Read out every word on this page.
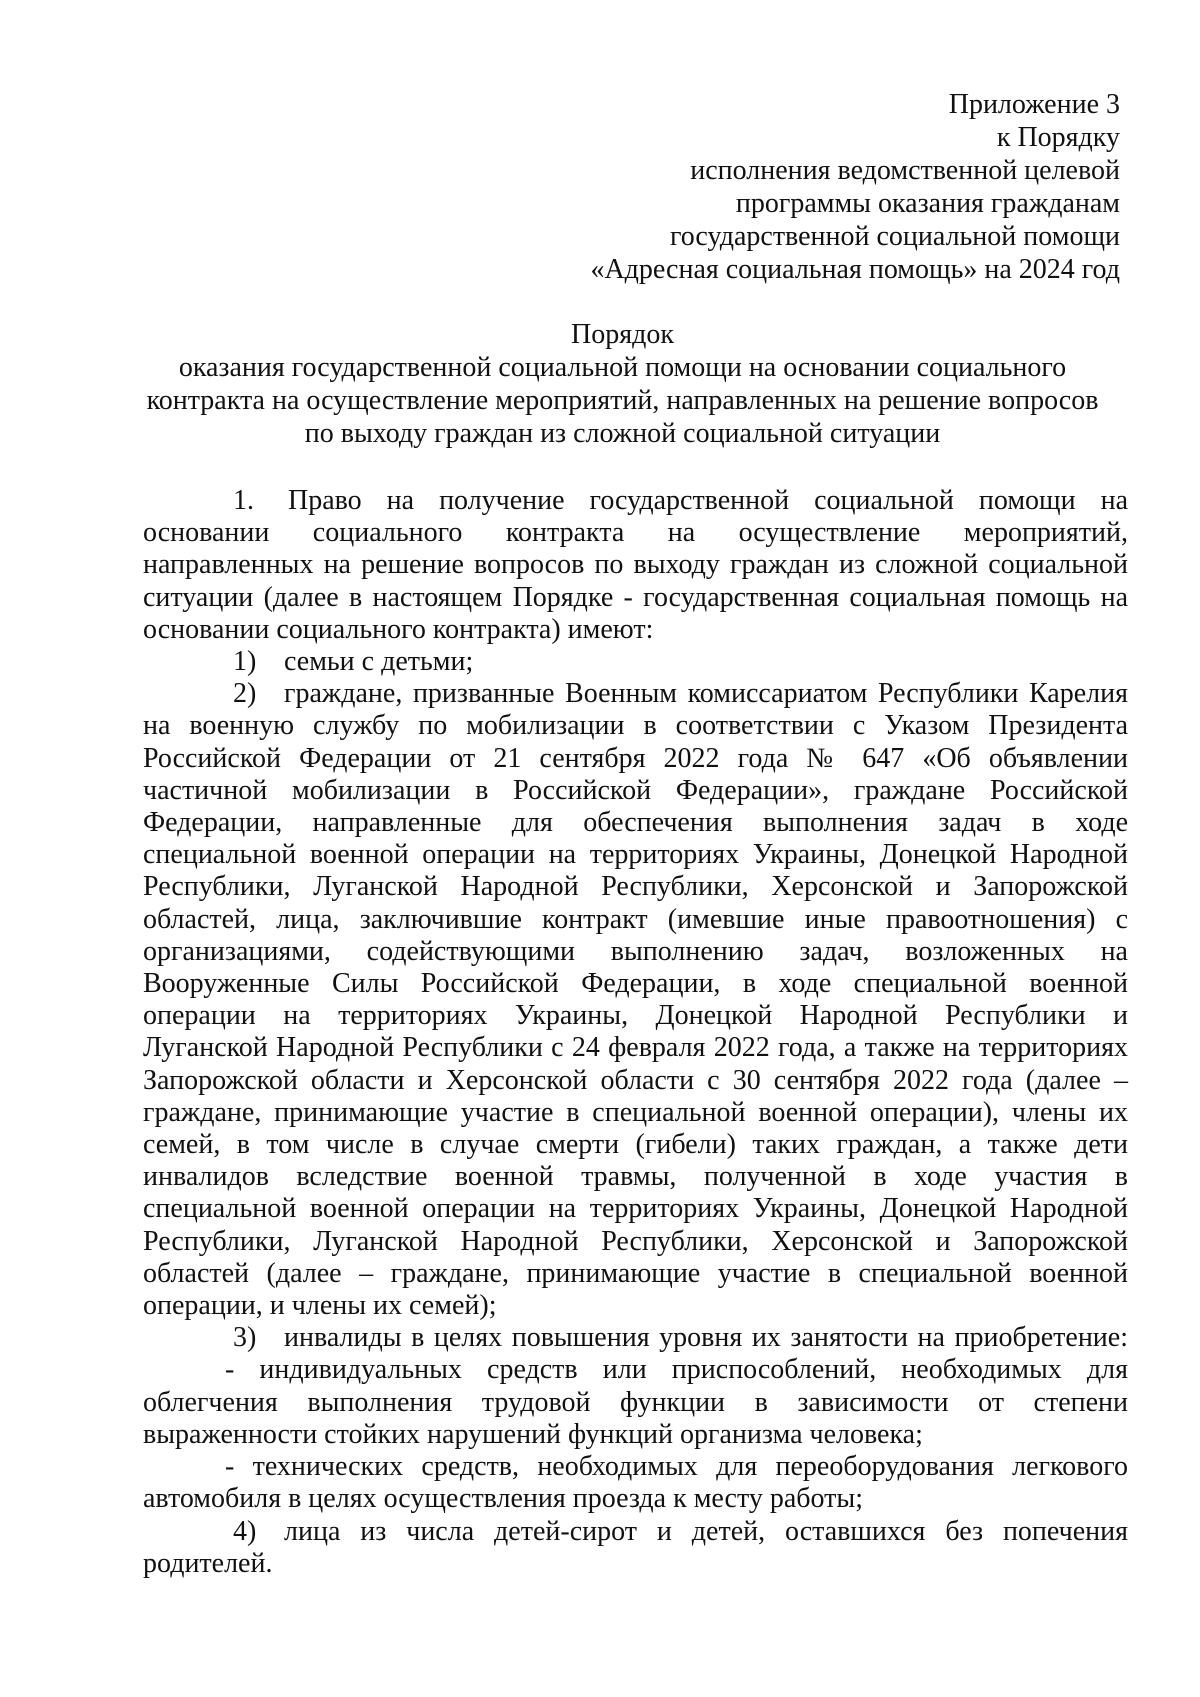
Приложение 3
к Порядку
исполнения ведомственной целевой
программы оказания гражданам
государственной социальной помощи
«Адресная социальная помощь» на 2024 год
Порядок
оказания государственной социальной помощи на основании социального
контракта на осуществление мероприятий, направленных на решение вопросов
по выходу граждан из сложной социальной ситуации
1. Право на получение государственной социальной помощи на
основании социального контракта на осуществление мероприятий,
направленных на решение вопросов по выходу граждан из сложной социальной
ситуации (далее в настоящем Порядке - государственная социальная помощь на
основании социального контракта) имеют:
1) семьи с детьми;
2) граждане, призванные Военным комиссариатом Республики Карелия
на военную службу по мобилизации в соответствии с Указом Президента
Российской Федерации от 21 сентября 2022 года № 647 «Об объявлении
частичной мобилизации в Российской Федерации», граждане Российской
Федерации, направленные для обеспечения выполнения задач в ходе
специальной военной операции на территориях Украины, Донецкой Народной
Республики, Луганской Народной Республики, Херсонской и Запорожской
областей, лица, заключившие контракт (имевшие иные правоотношения) с
организациями, содействующими выполнению задач, возложенных на
Вооруженные Силы Российской Федерации, в ходе специальной военной
операции на территориях Украины, Донецкой Народной Республики и
Луганской Народной Республики с 24 февраля 2022 года, а также на территориях
Запорожской области и Херсонской области с 30 сентября 2022 года (далее –
граждане, принимающие участие в специальной военной операции), члены их
семей, в том числе в случае смерти (гибели) таких граждан, а также дети
инвалидов вследствие военной травмы, полученной в ходе участия в
специальной военной операции на территориях Украины, Донецкой Народной
Республики, Луганской Народной Республики, Херсонской и Запорожской
областей (далее – граждане, принимающие участие в специальной военной
операции, и члены их семей);
3) инвалиды в целях повышения уровня их занятости на приобретение:
- индивидуальных средств или приспособлений, необходимых для
облегчения выполнения трудовой функции в зависимости от степени
выраженности стойких нарушений функций организма человека;
- технических средств, необходимых для переоборудования легкового
автомобиля в целях осуществления проезда к месту работы;
4) лица из числа детей-сирот и детей, оставшихся без попечения
родителей.
